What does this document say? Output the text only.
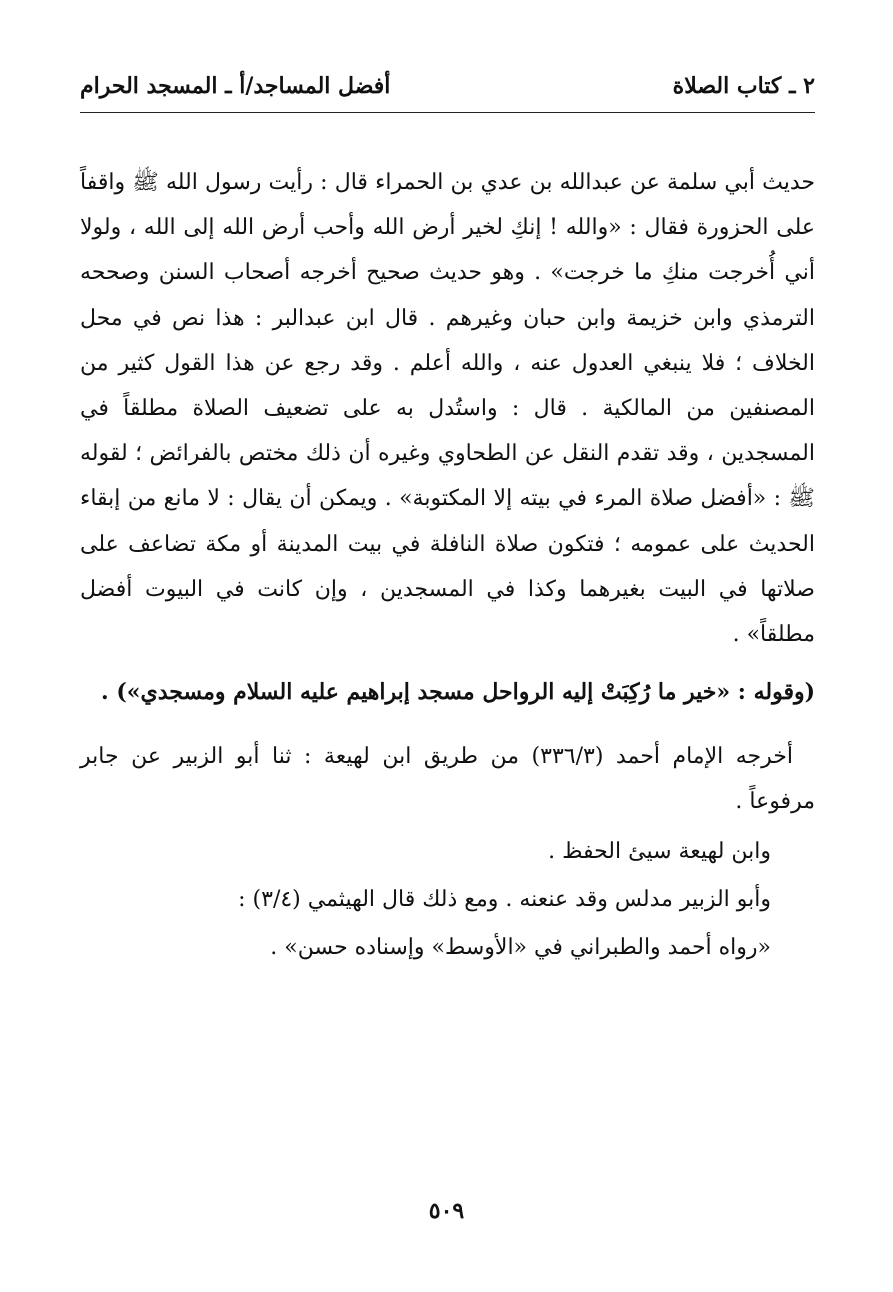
٢ ـ كتاب الصلاة
أفضل المساجد/أ ـ المسجد الحرام

حديث أبي سلمة عن عبدالله بن عدي بن الحمراء قال : رأيت رسول الله ﷺ واقفاً على الحزورة فقال : «والله ! إنكِ لخير أرض الله وأحب أرض الله إلى الله ، ولولا أني أُخرجت منكِ ما خرجت» . وهو حديث صحيح أخرجه أصحاب السنن وصححه الترمذي وابن خزيمة وابن حبان وغيرهم . قال ابن عبدالبر : هذا نص في محل الخلاف ؛ فلا ينبغي العدول عنه ، والله أعلم . وقد رجع عن هذا القول كثير من المصنفين من المالكية . قال : واستُدل به على تضعيف الصلاة مطلقاً في المسجدين ، وقد تقدم النقل عن الطحاوي وغيره أن ذلك مختص بالفرائض ؛ لقوله ﷺ : «أفضل صلاة المرء في بيته إلا المكتوبة» . ويمكن أن يقال : لا مانع من إبقاء الحديث على عمومه ؛ فتكون صلاة النافلة في بيت المدينة أو مكة تضاعف على صلاتها في البيت بغيرهما وكذا في المسجدين ، وإن كانت في البيوت أفضل مطلقاً» .

(وقوله : «خير ما رُكِبَتْ إليه الرواحل مسجد إبراهيم عليه السلام ومسجدي») .

أخرجه الإمام أحمد (٣٣٦/٣) من طريق ابن لهيعة : ثنا أبو الزبير عن جابر مرفوعاً .

وابن لهيعة سيئ الحفظ .

وأبو الزبير مدلس وقد عنعنه . ومع ذلك قال الهيثمي (٣/٤) :

«رواه أحمد والطبراني في «الأوسط» وإسناده حسن» .

٥٠٩
